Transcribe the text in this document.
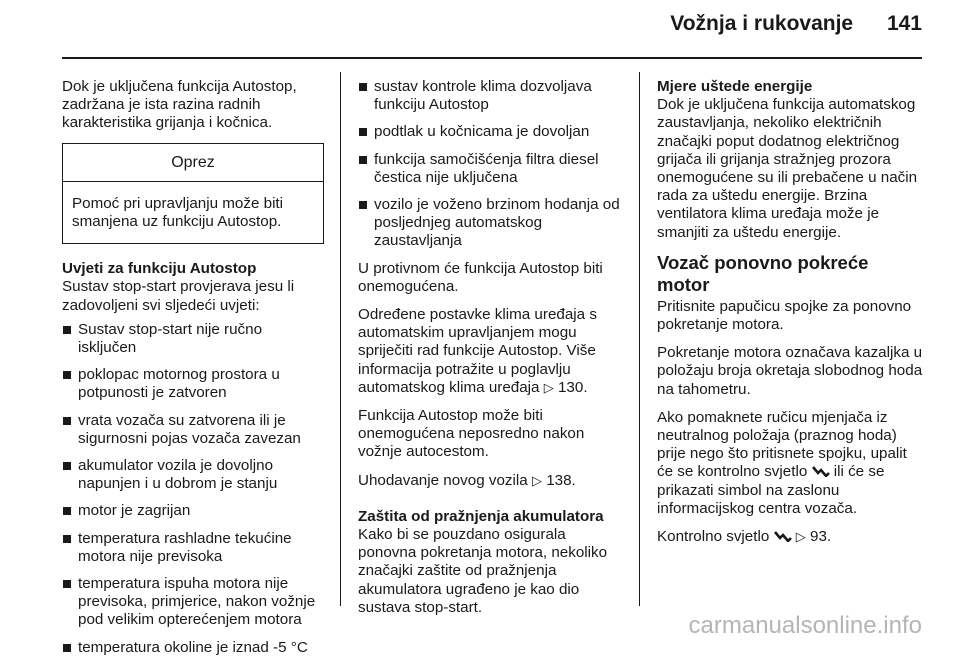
Vožnja i rukovanje 141

Dok je uključena funkcija Autostop, zadržana je ista razina radnih karakteristika grijanja i kočnica.

Oprez
Pomoć pri upravljanju može biti smanjena uz funkciju Autostop.
Uvjeti za funkciju Autostop

Sustav stop-start provjerava jesu li zadovoljeni svi sljedeći uvjeti:

Sustav stop-start nije ručno isključen
poklopac motornog prostora u potpunosti je zatvoren
vrata vozača su zatvorena ili je sigurnosni pojas vozača zavezan
akumulator vozila je dovoljno napunjen i u dobrom je stanju
motor je zagrijan
temperatura rashladne tekućine motora nije previsoka
temperatura ispuha motora nije previsoka, primjerice, nakon vožnje pod velikim opterećenjem motora
temperatura okoline je iznad -5 °C
sustav kontrole klima dozvoljava funkciju Autostop
podtlak u kočnicama je dovoljan
funkcija samočišćenja filtra diesel čestica nije uključena
vozilo je voženo brzinom hodanja od posljednjeg automatskog zaustavljanja

U protivnom će funkcija Autostop biti onemogućena.

Određene postavke klima uređaja s automatskim upravljanjem mogu spriječiti rad funkcije Autostop. Više informacija potražite u poglavlju automatskog klima uređaja ▷ 130.

Funkcija Autostop može biti onemogućena neposredno nakon vožnje autocestom.

Uhodavanje novog vozila ▷ 138.

Zaštita od pražnjenja akumulatora

Kako bi se pouzdano osigurala ponovna pokretanja motora, nekoliko značajki zaštite od pražnjenja akumulatora ugrađeno je kao dio sustava stop-start.

Mjere uštede energije

Dok je uključena funkcija automatskog zaustavljanja, nekoliko električnih značajki poput dodatnog električnog grijača ili grijanja stražnjeg prozora onemogućene su ili prebačene u način rada za uštedu energije. Brzina ventilatora klima uređaja može je smanjiti za uštedu energije.

Vozač ponovno pokreće motor

Pritisnite papučicu spojke za ponovno pokretanje motora.

Pokretanje motora označava kazaljka u položaju broja okretaja slobodnog hoda na tahometru.

Ako pomaknete ručicu mjenjača iz neutralnog položaja (praznog hoda) prije nego što pritisnete spojku, upalit će se kontrolno svjetlo ili će se prikazati simbol na zaslonu informacijskog centra vozača.

Kontrolno svjetlo ▷ 93.

carmanualsonline.info
